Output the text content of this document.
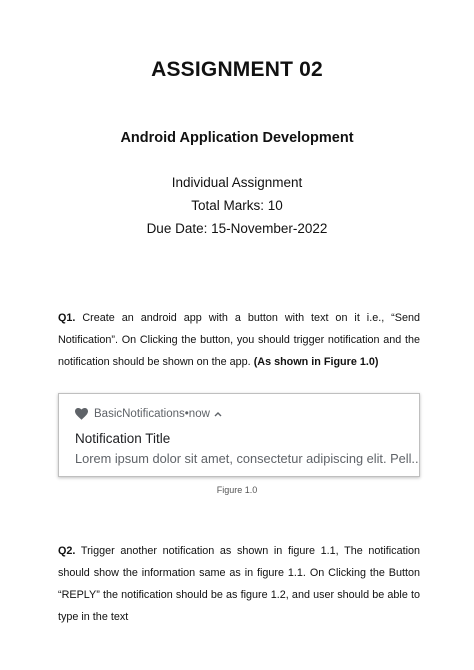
ASSIGNMENT 02
Android Application Development
Individual Assignment
Total Marks: 10
Due Date: 15-November-2022
Q1. Create an android app with a button with text on it i.e., “Send Notification”. On Clicking the button, you should trigger notification and the notification should be shown on the app. (As shown in Figure 1.0)
BasicNotifications • now
Notification Title
Lorem ipsum dolor sit amet, consectetur adipiscing elit. Pell..
Figure 1.0
Q2. Trigger another notification as shown in figure 1.1, The notification should show the information same as in figure 1.1. On Clicking the Button “REPLY” the notification should be as figure 1.2, and user should be able to type in the text
